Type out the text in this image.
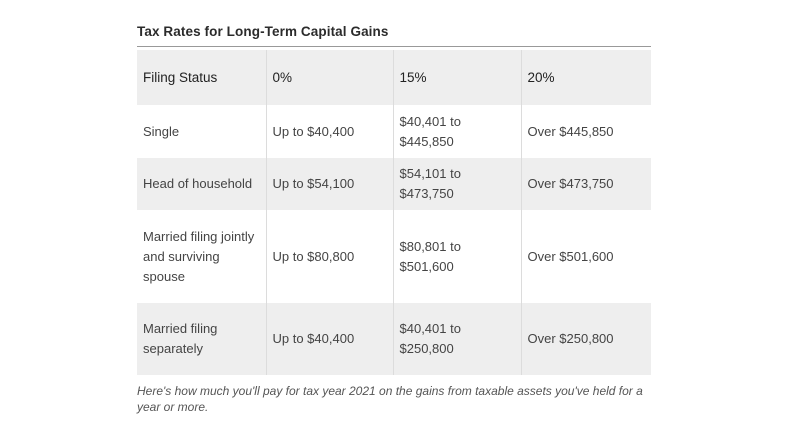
Tax Rates for Long-Term Capital Gains
Filing Status	0%	15%	20%
Single	Up to $40,400	$40,401 to $445,850	Over $445,850
Head of household	Up to $54,100	$54,101 to $473,750	Over $473,750
Married filing jointly and surviving spouse	Up to $80,800	$80,801 to $501,600	Over $501,600
Married filing separately	Up to $40,400	$40,401 to $250,800	Over $250,800
Here's how much you'll pay for tax year 2021 on the gains from taxable assets you've held for a year or more.
